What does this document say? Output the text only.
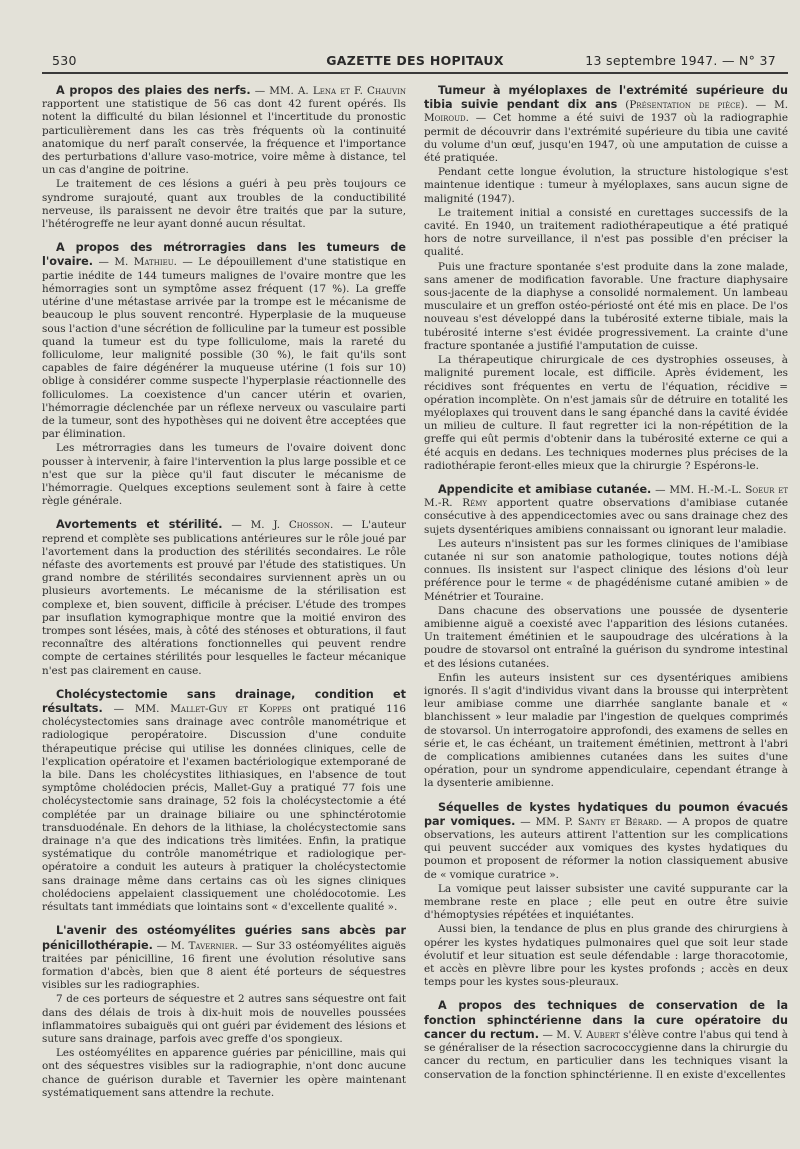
530	GAZETTE DES HOPITAUX	13 septembre 1947. — N° 37

A propos des plaies des nerfs. — MM. A. Lena et F. Chauvin rapportent une statistique de 56 cas dont 42 furent opérés. Ils notent la difficulté du bilan lésionnel et l'incertitude du pronostic particulièrement dans les cas très fréquents où la continuité anatomique du nerf paraît conservée, la fréquence et l'importance des perturbations d'allure vaso-motrice, voire même à distance, tel un cas d'angine de poitrine.

Le traitement de ces lésions a guéri à peu près toujours ce syndrome surajouté, quant aux troubles de la conductibilité nerveuse, ils paraissent ne devoir être traités que par la suture, l'hétérogreffe ne leur ayant donné aucun résultat.

A propos des métrorragies dans les tumeurs de l'ovaire. — M. Mathieu. — Le dépouillement d'une statistique en partie inédite de 144 tumeurs malignes de l'ovaire montre que les hémorragies sont un symptôme assez fréquent (17 %). La greffe utérine d'une métastase arrivée par la trompe est le mécanisme de beaucoup le plus souvent rencontré. Hyperplasie de la muqueuse sous l'action d'une sécrétion de folliculine par la tumeur est possible quand la tumeur est du type folliculome, mais la rareté du folliculome, leur malignité possible (30 %), le fait qu'ils sont capables de faire dégénérer la muqueuse utérine (1 fois sur 10) oblige à considérer comme suspecte l'hyperplasie réactionnelle des folliculomes. La coexistence d'un cancer utérin et ovarien, l'hémorragie déclenchée par un réflexe nerveux ou vasculaire parti de la tumeur, sont des hypothèses qui ne doivent être acceptées que par élimination.

Les métrorragies dans les tumeurs de l'ovaire doivent donc pousser à intervenir, à faire l'intervention la plus large possible et ce n'est que sur la pièce qu'il faut discuter le mécanisme de l'hémorragie. Quelques exceptions seulement sont à faire à cette règle générale.

Avortements et stérilité. — M. J. Chosson. — L'auteur reprend et complète ses publications antérieures sur le rôle joué par l'avortement dans la production des stérilités secondaires. Le rôle néfaste des avortements est prouvé par l'étude des statistiques. Un grand nombre de stérilités secondaires surviennent après un ou plusieurs avortements. Le mécanisme de la stérilisation est complexe et, bien souvent, difficile à préciser. L'étude des trompes par insuflation kymographique montre que la moitié environ des trompes sont lésées, mais, à côté des sténoses et obturations, il faut reconnaître des altérations fonctionnelles qui peuvent rendre compte de certaines stérilités pour lesquelles le facteur mécanique n'est pas clairement en cause.

Cholécystectomie sans drainage, condition et résultats. — MM. Mallet-Guy et Koppes ont pratiqué 116 cholécystectomies sans drainage avec contrôle manométrique et radiologique peropératoire. Discussion d'une conduite thérapeutique précise qui utilise les données cliniques, celle de l'explication opératoire et l'examen bactériologique extemporané de la bile. Dans les cholécystites lithiasiques, en l'absence de tout symptôme cholédocien précis, Mallet-Guy a pratiqué 77 fois une cholécystectomie sans drainage, 52 fois la cholécystectomie a été complétée par un drainage biliaire ou une sphinctérotomie transduodénale. En dehors de la lithiase, la cholécystectomie sans drainage n'a que des indications très limitées. Enfin, la pratique systématique du contrôle manométrique et radiologique per-opératoire a conduit les auteurs à pratiquer la cholécystectomie sans drainage même dans certains cas où les signes cliniques cholédociens appelaient classiquement une cholédocotomie. Les résultats tant immédiats que lointains sont « d'excellente qualité ».

L'avenir des ostéomyélites guéries sans abcès par pénicillothérapie. — M. Tavernier. — Sur 33 ostéomyélites aiguës traitées par pénicilline, 16 firent une évolution résolutive sans formation d'abcès, bien que 8 aient été porteurs de séquestres visibles sur les radiographies.

7 de ces porteurs de séquestre et 2 autres sans séquestre ont fait dans des délais de trois à dix-huit mois de nouvelles poussées inflammatoires subaiguës qui ont guéri par évidement des lésions et suture sans drainage, parfois avec greffe d'os spongieux.

Les ostéomyélites en apparence guéries par pénicilline, mais qui ont des séquestres visibles sur la radiographie, n'ont donc aucune chance de guérison durable et Tavernier les opère maintenant systématiquement sans attendre la rechute.

Tumeur à myéloplaxes de l'extrémité supérieure du tibia suivie pendant dix ans (Présentation de pièce). — M. Moiroud. — Cet homme a été suivi de 1937 où la radiographie permit de découvrir dans l'extrémité supérieure du tibia une cavité du volume d'un œuf, jusqu'en 1947, où une amputation de cuisse a été pratiquée.

Pendant cette longue évolution, la structure histologique s'est maintenue identique : tumeur à myéloplaxes, sans aucun signe de malignité (1947).

Le traitement initial a consisté en curettages successifs de la cavité. En 1940, un traitement radiothérapeutique a été pratiqué hors de notre surveillance, il n'est pas possible d'en préciser la qualité.

Puis une fracture spontanée s'est produite dans la zone malade, sans amener de modification favorable. Une fracture diaphysaire sous-jacente de la diaphyse a consolidé normalement. Un lambeau musculaire et un greffon ostéo-périosté ont été mis en place. De l'os nouveau s'est développé dans la tubérosité externe tibiale, mais la tubérosité interne s'est évidée progressivement. La crainte d'une fracture spontanée a justifié l'amputation de cuisse.

La thérapeutique chirurgicale de ces dystrophies osseuses, à malignité purement locale, est difficile. Après évidement, les récidives sont fréquentes en vertu de l'équation, récidive = opération incomplète. On n'est jamais sûr de détruire en totalité les myéloplaxes qui trouvent dans le sang épanché dans la cavité évidée un milieu de culture. Il faut regretter ici la non-répétition de la greffe qui eût permis d'obtenir dans la tubérosité externe ce qui a été acquis en dedans. Les techniques modernes plus précises de la radiothérapie feront-elles mieux que la chirurgie ? Espérons-le.

Appendicite et amibiase cutanée. — MM. H.-M.-L. Soeur et M.-R. Rémy apportent quatre observations d'amibiase cutanée consécutive à des appendicectomies avec ou sans drainage chez des sujets dysentériques amibiens connaissant ou ignorant leur maladie.

Les auteurs n'insistent pas sur les formes cliniques de l'amibiase cutanée ni sur son anatomie pathologique, toutes notions déjà connues. Ils insistent sur l'aspect clinique des lésions d'où leur préférence pour le terme « de phagédénisme cutané amibien » de Ménétrier et Touraine.

Dans chacune des observations une poussée de dysenterie amibienne aiguë a coexisté avec l'apparition des lésions cutanées. Un traitement émétinien et le saupoudrage des ulcérations à la poudre de stovarsol ont entraîné la guérison du syndrome intestinal et des lésions cutanées.

Enfin les auteurs insistent sur ces dysentériques amibiens ignorés. Il s'agit d'individus vivant dans la brousse qui interprètent leur amibiase comme une diarrhée sanglante banale et « blanchissent » leur maladie par l'ingestion de quelques comprimés de stovarsol. Un interrogatoire approfondi, des examens de selles en série et, le cas échéant, un traitement émétinien, mettront à l'abri de complications amibiennes cutanées dans les suites d'une opération, pour un syndrome appendiculaire, cependant étrange à la dysenterie amibienne.

Séquelles de kystes hydatiques du poumon évacués par vomiques. — MM. P. Santy et Bérard. — A propos de quatre observations, les auteurs attirent l'attention sur les complications qui peuvent succéder aux vomiques des kystes hydatiques du poumon et proposent de réformer la notion classiquement abusive de « vomique curatrice ».

La vomique peut laisser subsister une cavité suppurante car la membrane reste en place ; elle peut en outre être suivie d'hémoptysies répétées et inquiétantes.

Aussi bien, la tendance de plus en plus grande des chirurgiens à opérer les kystes hydatiques pulmonaires quel que soit leur stade évolutif et leur situation est seule défendable : large thoracotomie, et accès en plèvre libre pour les kystes profonds ; accès en deux temps pour les kystes sous-pleuraux.

A propos des techniques de conservation de la fonction sphinctérienne dans la cure opératoire du cancer du rectum. — M. V. Aubert s'élève contre l'abus qui tend à se généraliser de la résection sacrococcygienne dans la chirurgie du cancer du rectum, en particulier dans les techniques visant la conservation de la fonction sphinctérienne. Il en existe d'excellentes
